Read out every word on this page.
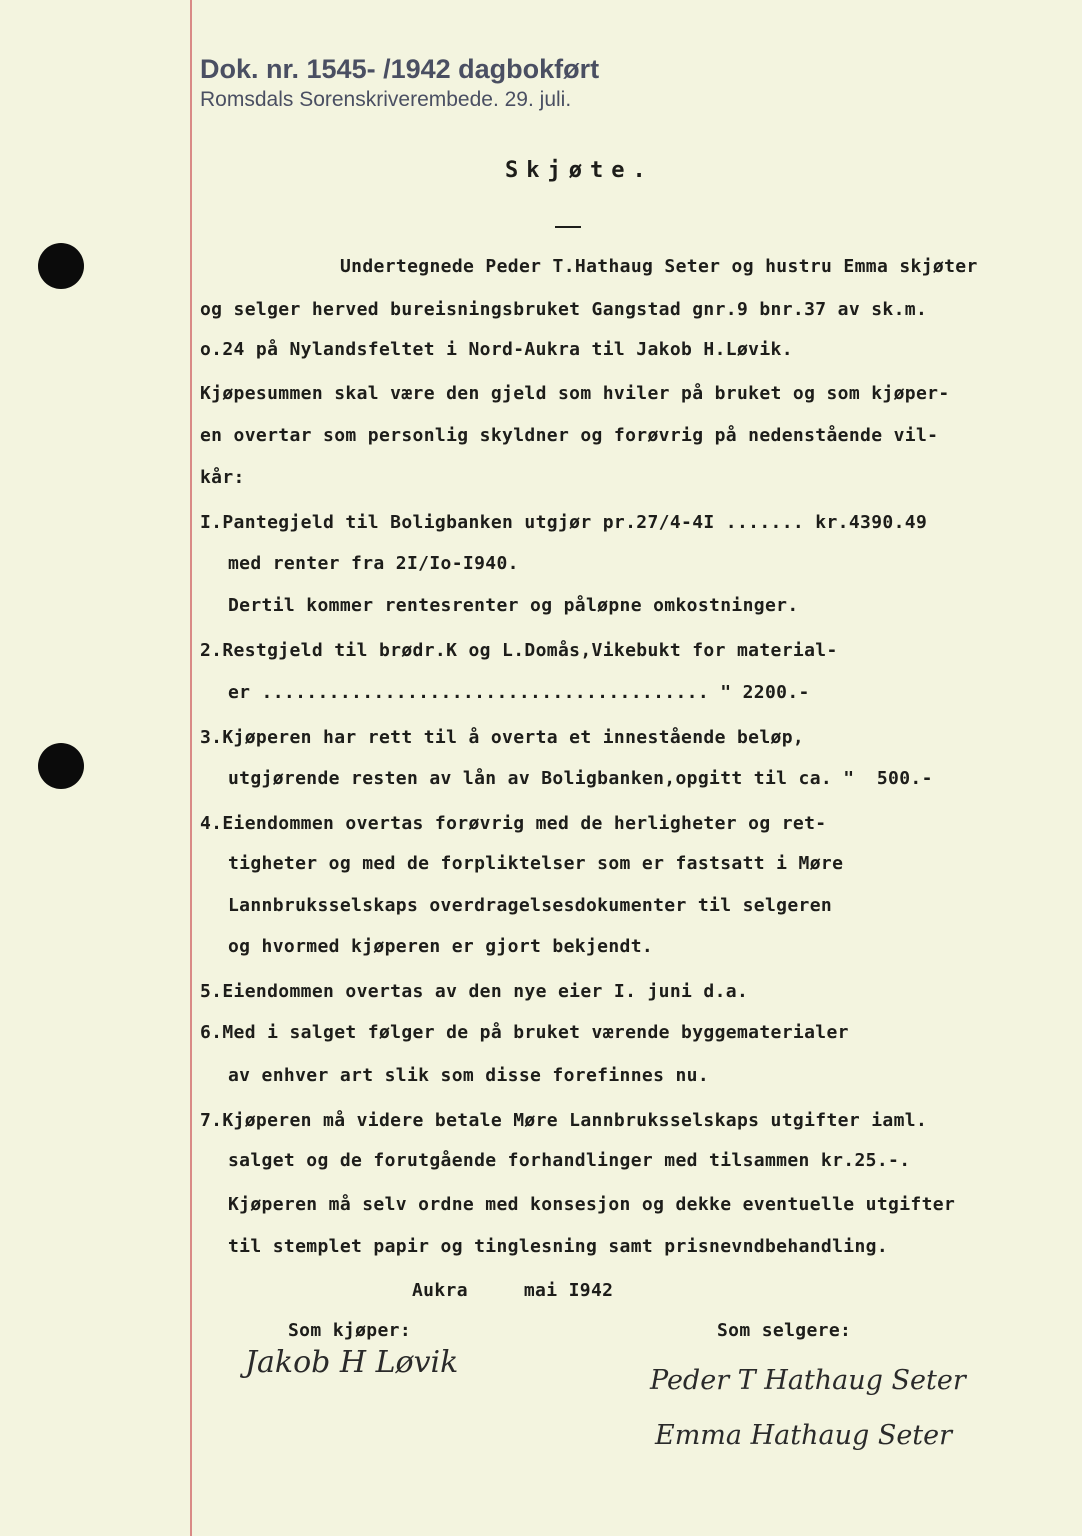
Dok. nr. 1545- /1942 dagbokført
Romsdals Sorenskriverembede. 29. juli.
Skjøte.
Undertegnede Peder T.Hathaug Seter og hustru Emma skjøter
og selger herved bureisningsbruket Gangstad gnr.9 bnr.37 av sk.m.
o.24 på Nylandsfeltet i Nord-Aukra til Jakob H.Løvik.
Kjøpesummen skal være den gjeld som hviler på bruket og som kjøper-
en overtar som personlig skyldner og forøvrig på nedenstående vil-
kår:
I.Pantegjeld til Boligbanken utgjør pr.27/4-4I ....... kr.4390.49
med renter fra 2I/Io-I940.
Dertil kommer rentesrenter og påløpne omkostninger.
2.Restgjeld til brødr.K og L.Domås,Vikebukt for material-
er ........................................ " 2200.-
3.Kjøperen har rett til å overta et innestående beløp,
utgjørende resten av lån av Boligbanken,opgitt til ca. "  500.-
4.Eiendommen overtas forøvrig med de herligheter og ret-
tigheter og med de forpliktelser som er fastsatt i Møre
Lannbruksselskaps overdragelsesdokumenter til selgeren
og hvormed kjøperen er gjort bekjendt.
5.Eiendommen overtas av den nye eier I. juni d.a.
6.Med i salget følger de på bruket værende byggematerialer
av enhver art slik som disse forefinnes nu.
7.Kjøperen må videre betale Møre Lannbruksselskaps utgifter iaml.
salget og de forutgående forhandlinger med tilsammen kr.25.-.
Kjøperen må selv ordne med konsesjon og dekke eventuelle utgifter
til stemplet papir og tinglesning samt prisnevndbehandling.
Aukra     mai I942
Som kjøper:	Som selgere:
Jakob H Løvik
Peder T Hathaug Seter
Emma Hathaug Seter
